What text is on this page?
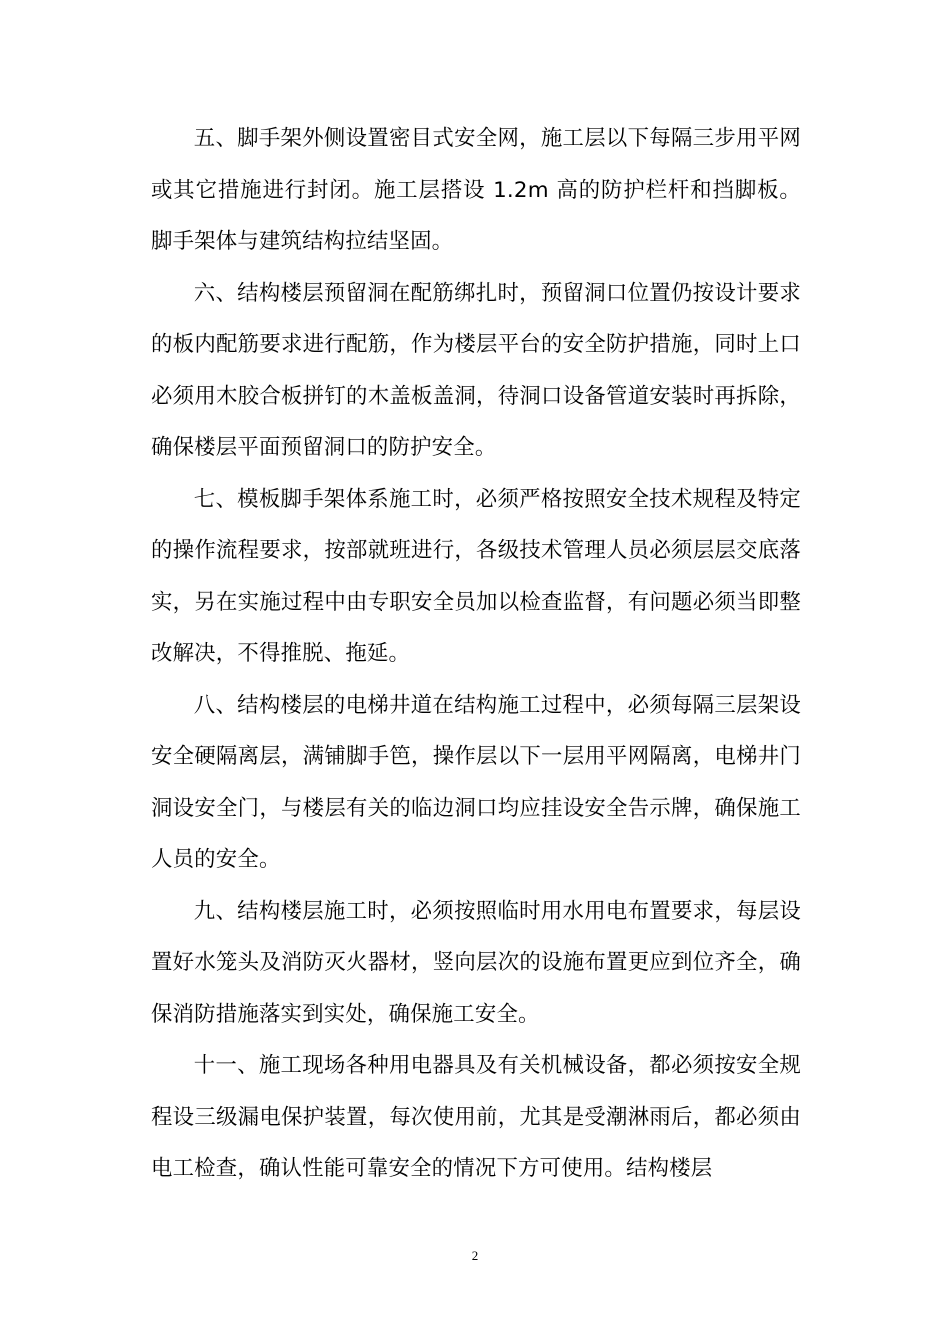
五、脚手架外侧设置密目式安全网，施工层以下每隔三步用平网或其它措施进行封闭。施工层搭设 1.2m 高的防护栏杆和挡脚板。脚手架体与建筑结构拉结坚固。

六、结构楼层预留洞在配筋绑扎时，预留洞口位置仍按设计要求的板内配筋要求进行配筋，作为楼层平台的安全防护措施，同时上口必须用木胶合板拼钉的木盖板盖洞，待洞口设备管道安装时再拆除，确保楼层平面预留洞口的防护安全。

七、模板脚手架体系施工时，必须严格按照安全技术规程及特定的操作流程要求，按部就班进行，各级技术管理人员必须层层交底落实，另在实施过程中由专职安全员加以检查监督，有问题必须当即整改解决，不得推脱、拖延。

八、结构楼层的电梯井道在结构施工过程中，必须每隔三层架设安全硬隔离层，满铺脚手笆，操作层以下一层用平网隔离，电梯井门洞设安全门，与楼层有关的临边洞口均应挂设安全告示牌，确保施工人员的安全。

九、结构楼层施工时，必须按照临时用水用电布置要求，每层设置好水笼头及消防灭火器材，竖向层次的设施布置更应到位齐全，确保消防措施落实到实处，确保施工安全。

十一、施工现场各种用电器具及有关机械设备，都必须按安全规程设三级漏电保护装置，每次使用前，尤其是受潮淋雨后，都必须由电工检查，确认性能可靠安全的情况下方可使用。结构楼层

2
